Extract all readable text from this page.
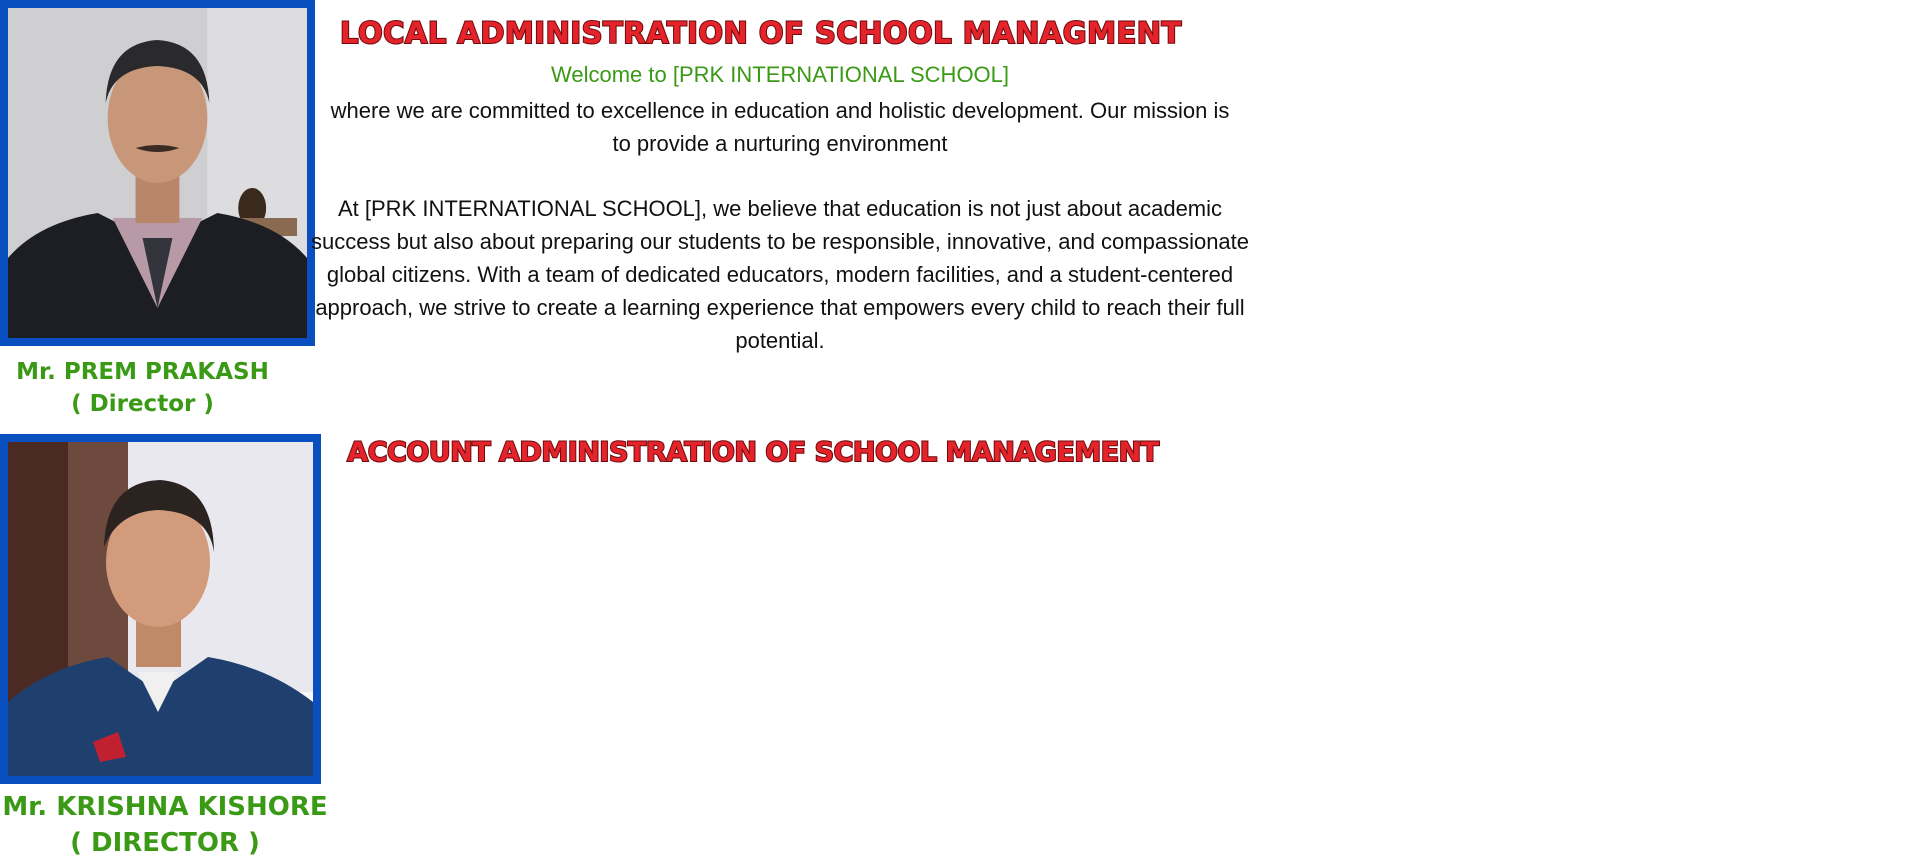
Mr. PREM PRAKASH
( Director )
Mr. KRISHNA KISHORE
( DIRECTOR )
LOCAL ADMINISTRATION OF SCHOOL MANAGMENT
Welcome to [PRK INTERNATIONAL SCHOOL]
where we are committed to excellence in education and holistic development. Our mission is to provide a nurturing environment
At [PRK INTERNATIONAL SCHOOL], we believe that education is not just about academic success but also about preparing our students to be responsible, innovative, and compassionate global citizens. With a team of dedicated educators, modern facilities, and a student-centered approach, we strive to create a learning experience that empowers every child to reach their full potential.
ACCOUNT ADMINISTRATION OF SCHOOL MANAGEMENT
